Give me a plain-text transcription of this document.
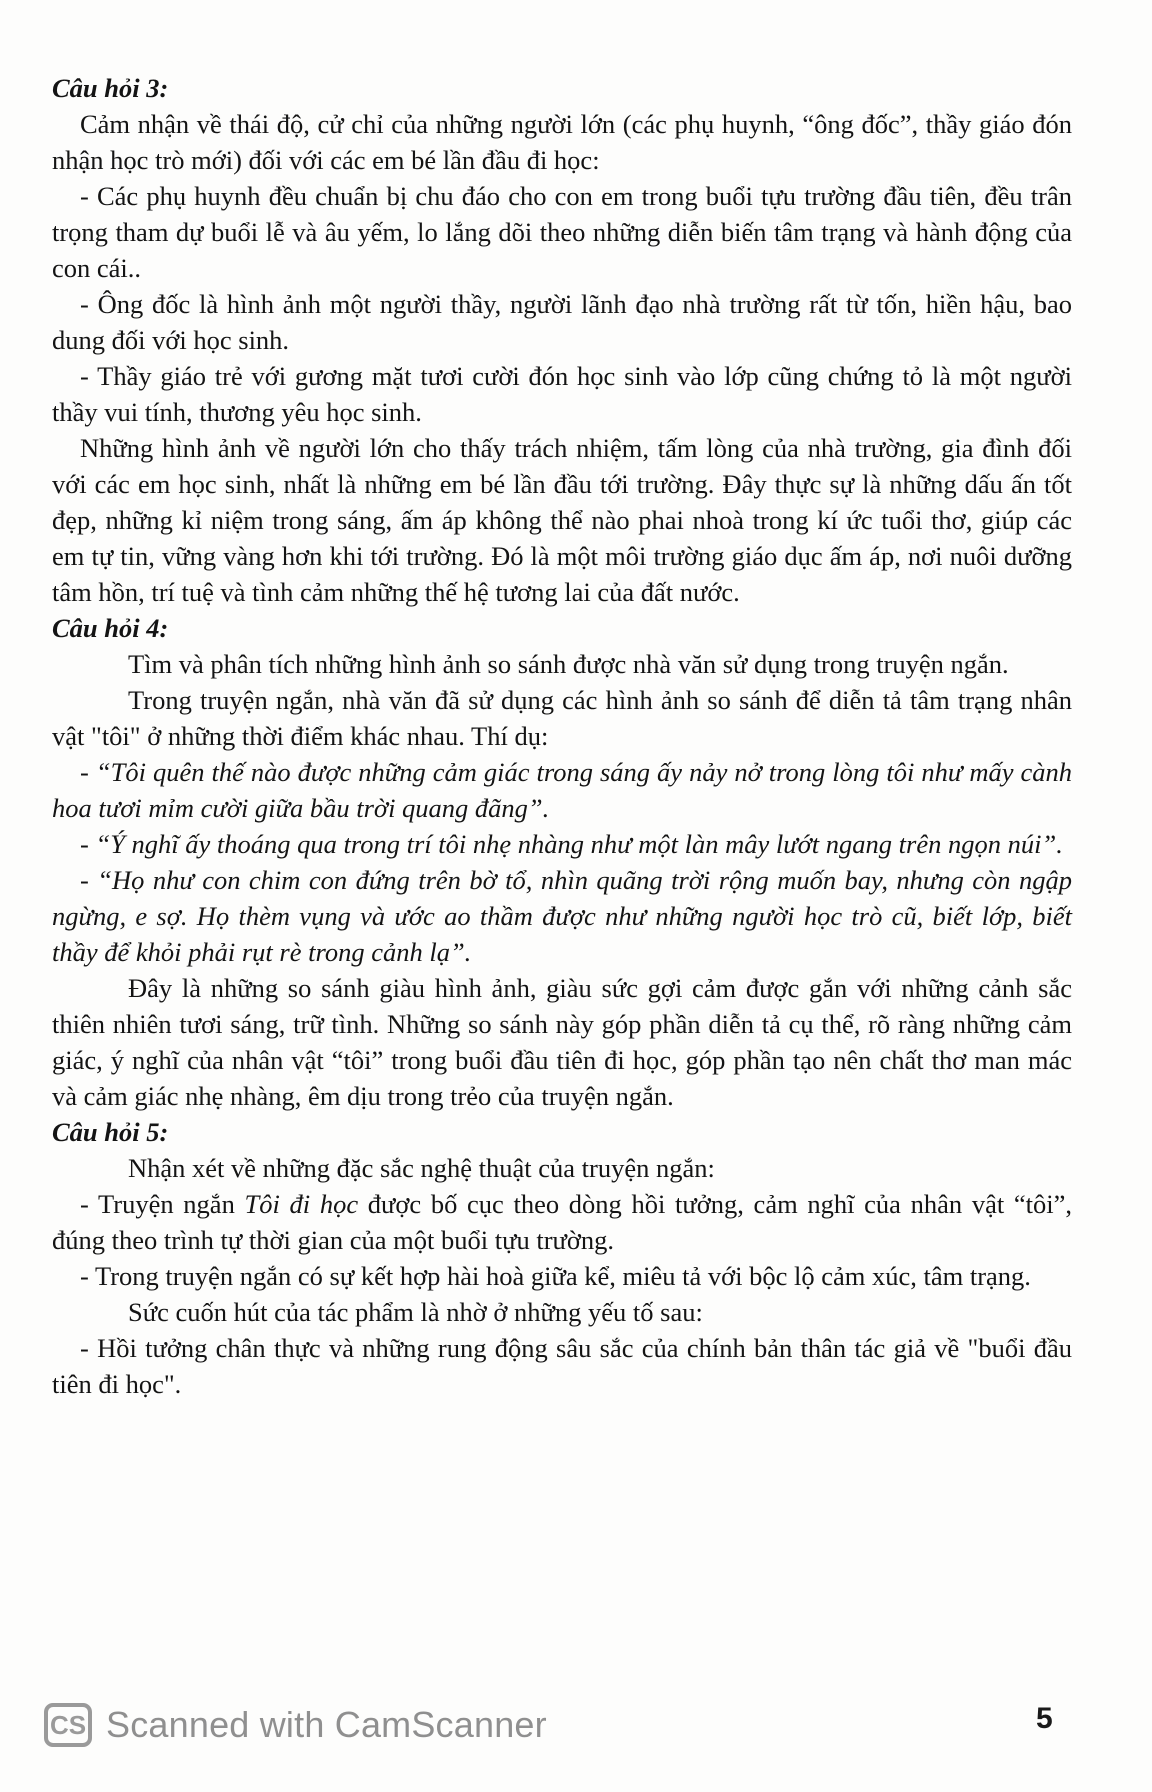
Câu hỏi 3:

Cảm nhận về thái độ, cử chỉ của những người lớn (các phụ huynh, “ông đốc”, thầy giáo đón nhận học trò mới) đối với các em bé lần đầu đi học:

- Các phụ huynh đều chuẩn bị chu đáo cho con em trong buổi tựu trường đầu tiên, đều trân trọng tham dự buổi lễ và âu yếm, lo lắng dõi theo những diễn biến tâm trạng và hành động của con cái..

- Ông đốc là hình ảnh một người thầy, người lãnh đạo nhà trường rất từ tốn, hiền hậu, bao dung đối với học sinh.

- Thầy giáo trẻ với gương mặt tươi cười đón học sinh vào lớp cũng chứng tỏ là một người thầy vui tính, thương yêu học sinh.

Những hình ảnh về người lớn cho thấy trách nhiệm, tấm lòng của nhà trường, gia đình đối với các em học sinh, nhất là những em bé lần đầu tới trường. Đây thực sự là những dấu ấn tốt đẹp, những kỉ niệm trong sáng, ấm áp không thể nào phai nhoà trong kí ức tuổi thơ, giúp các em tự tin, vững vàng hơn khi tới trường. Đó là một môi trường giáo dục ấm áp, nơi nuôi dưỡng tâm hồn, trí tuệ và tình cảm những thế hệ tương lai của đất nước.

Câu hỏi 4:

Tìm và phân tích những hình ảnh so sánh được nhà văn sử dụng trong truyện ngắn.

Trong truyện ngắn, nhà văn đã sử dụng các hình ảnh so sánh để diễn tả tâm trạng nhân vật "tôi" ở những thời điểm khác nhau. Thí dụ:

- “Tôi quên thế nào được những cảm giác trong sáng ấy nảy nở trong lòng tôi như mấy cành hoa tươi mỉm cười giữa bầu trời quang đãng”.

- “Ý nghĩ ấy thoáng qua trong trí tôi nhẹ nhàng như một làn mây lướt ngang trên ngọn núi”.

- “Họ như con chim con đứng trên bờ tổ, nhìn quãng trời rộng muốn bay, nhưng còn ngập ngừng, e sợ. Họ thèm vụng và ước ao thầm được như những người học trò cũ, biết lớp, biết thầy để khỏi phải rụt rè trong cảnh lạ”.

Đây là những so sánh giàu hình ảnh, giàu sức gợi cảm được gắn với những cảnh sắc thiên nhiên tươi sáng, trữ tình. Những so sánh này góp phần diễn tả cụ thể, rõ ràng những cảm giác, ý nghĩ của nhân vật “tôi” trong buổi đầu tiên đi học, góp phần tạo nên chất thơ man mác và cảm giác nhẹ nhàng, êm dịu trong trẻo của truyện ngắn.

Câu hỏi 5:

Nhận xét về những đặc sắc nghệ thuật của truyện ngắn:

- Truyện ngắn Tôi đi học được bố cục theo dòng hồi tưởng, cảm nghĩ của nhân vật “tôi”, đúng theo trình tự thời gian của một buổi tựu trường.

- Trong truyện ngắn có sự kết hợp hài hoà giữa kể, miêu tả với bộc lộ cảm xúc, tâm trạng.

Sức cuốn hút của tác phẩm là nhờ ở những yếu tố sau:

- Hồi tưởng chân thực và những rung động sâu sắc của chính bản thân tác giả về "buổi đầu tiên đi học".

CS Scanned with CamScanner	5
